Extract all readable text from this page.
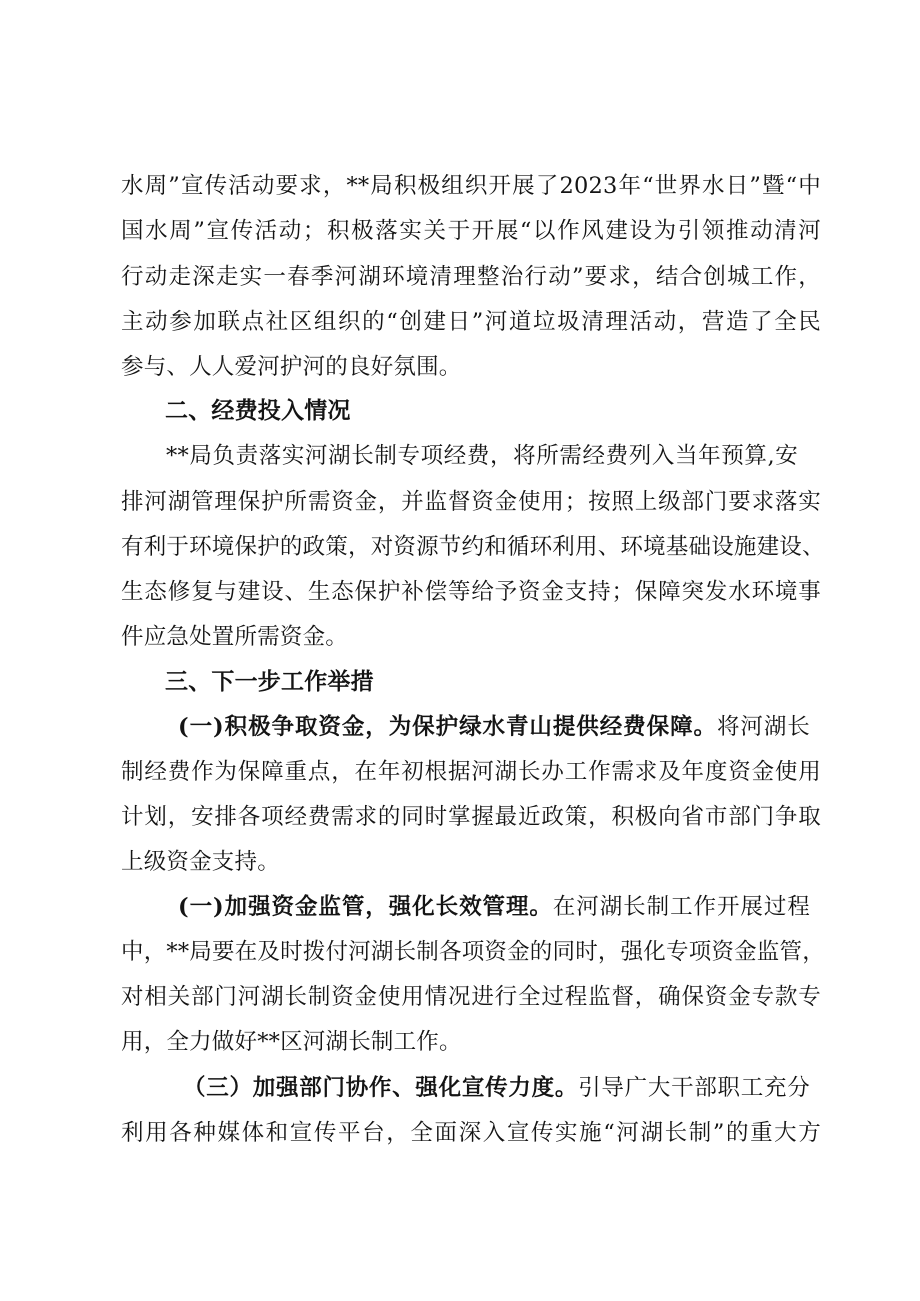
水周”宣传活动要求，**局积极组织开展了2023年“世界水日”暨“中
国水周”宣传活动；积极落实关于开展“以作风建设为引领推动清河
行动走深走实一春季河湖环境清理整治行动”要求，结合创城工作，
主动参加联点社区组织的“创建日”河道垃圾清理活动，营造了全民
参与、人人爱河护河的良好氛围。
二、经费投入情况
**局负责落实河湖长制专项经费，将所需经费列入当年预算,安
排河湖管理保护所需资金，并监督资金使用；按照上级部门要求落实
有利于环境保护的政策，对资源节约和循环利用、环境基础设施建设、
生态修复与建设、生态保护补偿等给予资金支持；保障突发水环境事
件应急处置所需资金。
三、下一步工作举措
(一)积极争取资金，为保护绿水青山提供经费保障。将河湖长
制经费作为保障重点，在年初根据河湖长办工作需求及年度资金使用
计划，安排各项经费需求的同时掌握最近政策，积极向省市部门争取
上级资金支持。
(一)加强资金监管，强化长效管理。在河湖长制工作开展过程
中，**局要在及时拨付河湖长制各项资金的同时，强化专项资金监管，
对相关部门河湖长制资金使用情况进行全过程监督，确保资金专款专
用，全力做好**区河湖长制工作。
（三）加强部门协作、强化宣传力度。引导广大干部职工充分
利用各种媒体和宣传平台，全面深入宣传实施“河湖长制”的重大方
